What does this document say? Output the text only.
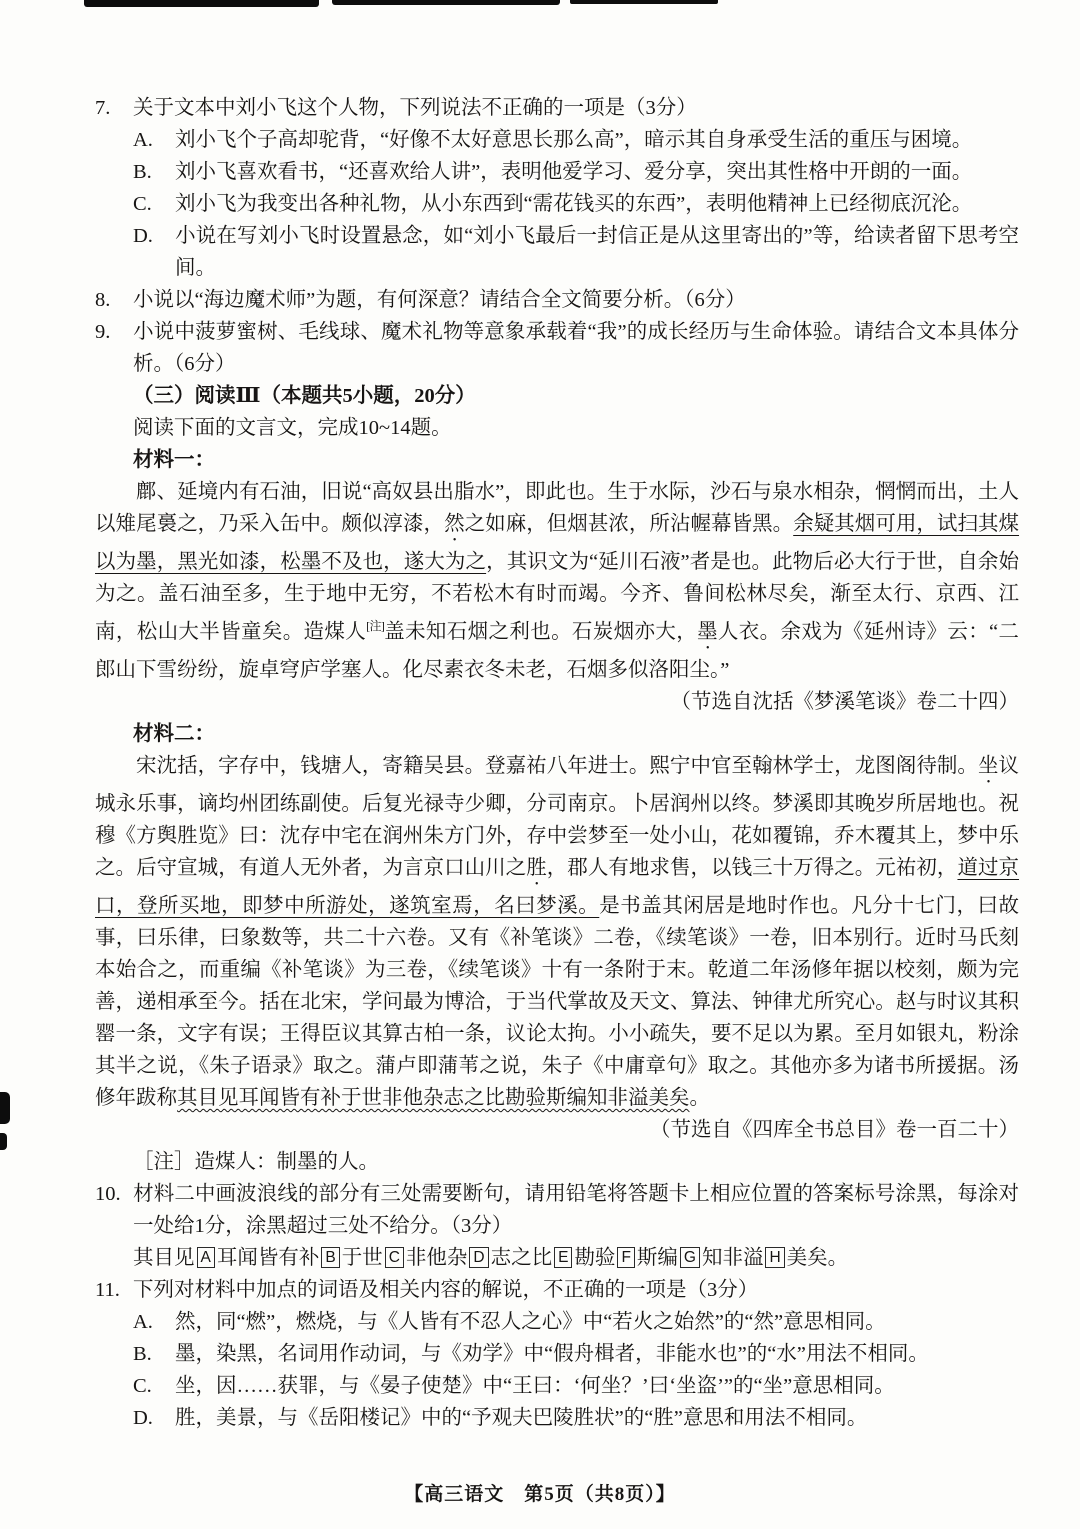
7. 关于文本中刘小飞这个人物，下列说法不正确的一项是（3分）

A. 刘小飞个子高却驼背，“好像不太好意思长那么高”，暗示其自身承受生活的重压与困境。

B. 刘小飞喜欢看书，“还喜欢给人讲”，表明他爱学习、爱分享，突出其性格中开朗的一面。

C. 刘小飞为我变出各种礼物，从小东西到“需花钱买的东西”，表明他精神上已经彻底沉沦。

D. 小说在写刘小飞时设置悬念，如“刘小飞最后一封信正是从这里寄出的”等，给读者留下思考空间。

8. 小说以“海边魔术师”为题，有何深意？请结合全文简要分析。（6分）

9. 小说中菠萝蜜树、毛线球、魔术礼物等意象承载着“我”的成长经历与生命体验。请结合文本具体分析。（6分）

（三）阅读Ⅲ（本题共5小题，20分）

阅读下面的文言文，完成10~14题。

材料一：

鄜、延境内有石油，旧说“高奴县出脂水”，即此也。生于水际，沙石与泉水相杂，惘惘而出，土人以雉尾裛之，乃采入缶中。颇似淳漆，然之如麻，但烟甚浓，所沾幄幕皆黑。余疑其烟可用，试扫其煤以为墨，黑光如漆，松墨不及也，遂大为之，其识文为“延川石液”者是也。此物后必大行于世，自余始为之。盖石油至多，生于地中无穷，不若松木有时而竭。今齐、鲁间松林尽矣，渐至太行、京西、江南，松山大半皆童矣。造煤人[注]盖未知石烟之利也。石炭烟亦大，墨人衣。余戏为《延州诗》云：“二郎山下雪纷纷，旋卓穹庐学塞人。化尽素衣冬未老，石烟多似洛阳尘。”

（节选自沈括《梦溪笔谈》卷二十四）

材料二：

宋沈括，字存中，钱塘人，寄籍吴县。登嘉祐八年进士。熙宁中官至翰林学士，龙图阁待制。坐议城永乐事，谪均州团练副使。后复光禄寺少卿，分司南京。卜居润州以终。梦溪即其晚岁所居地也。祝穆《方舆胜览》曰：沈存中宅在润州朱方门外，存中尝梦至一处小山，花如覆锦，乔木覆其上，梦中乐之。后守宣城，有道人无外者，为言京口山川之胜，郡人有地求售，以钱三十万得之。元祐初，道过京口，登所买地，即梦中所游处，遂筑室焉，名曰梦溪。是书盖其闲居是地时作也。凡分十七门，曰故事，曰乐律，曰象数等，共二十六卷。又有《补笔谈》二卷，《续笔谈》一卷，旧本别行。近时马氏刻本始合之，而重编《补笔谈》为三卷，《续笔谈》十有一条附于末。乾道二年汤修年据以校刻，颇为完善，递相承至今。括在北宋，学问最为博洽，于当代掌故及天文、算法、钟律尤所究心。赵与时议其积罂一条，文字有误；王得臣议其算古柏一条，议论太拘。小小疏失，要不足以为累。至月如银丸，粉涂其半之说，《朱子语录》取之。蒲卢即蒲苇之说，朱子《中庸章句》取之。其他亦多为诸书所援据。汤修年跋称其目见耳闻皆有补于世非他杂志之比勘验斯编知非溢美矣。

（节选自《四库全书总目》卷一百二十）

［注］造煤人：制墨的人。

10. 材料二中画波浪线的部分有三处需要断句，请用铅笔将答题卡上相应位置的答案标号涂黑，每涂对一处给1分，涂黑超过三处不给分。（3分）

其目见 A 耳闻皆有补 B 于世 C 非他杂 D 志之比 E 勘验 F 斯编 G 知非溢 H 美矣。

11. 下列对材料中加点的词语及相关内容的解说，不正确的一项是（3分）

A. 然，同“燃”，燃烧，与《人皆有不忍人之心》中“若火之始然”的“然”意思相同。

B. 墨，染黑，名词用作动词，与《劝学》中“假舟楫者，非能水也”的“水”用法不相同。

C. 坐，因……获罪，与《晏子使楚》中“王曰：‘何坐？’曰‘坐盗’”的“坐”意思相同。

D. 胜，美景，与《岳阳楼记》中的“予观夫巴陵胜状”的“胜”意思和用法不相同。

【高三语文　第5页（共8页）】
